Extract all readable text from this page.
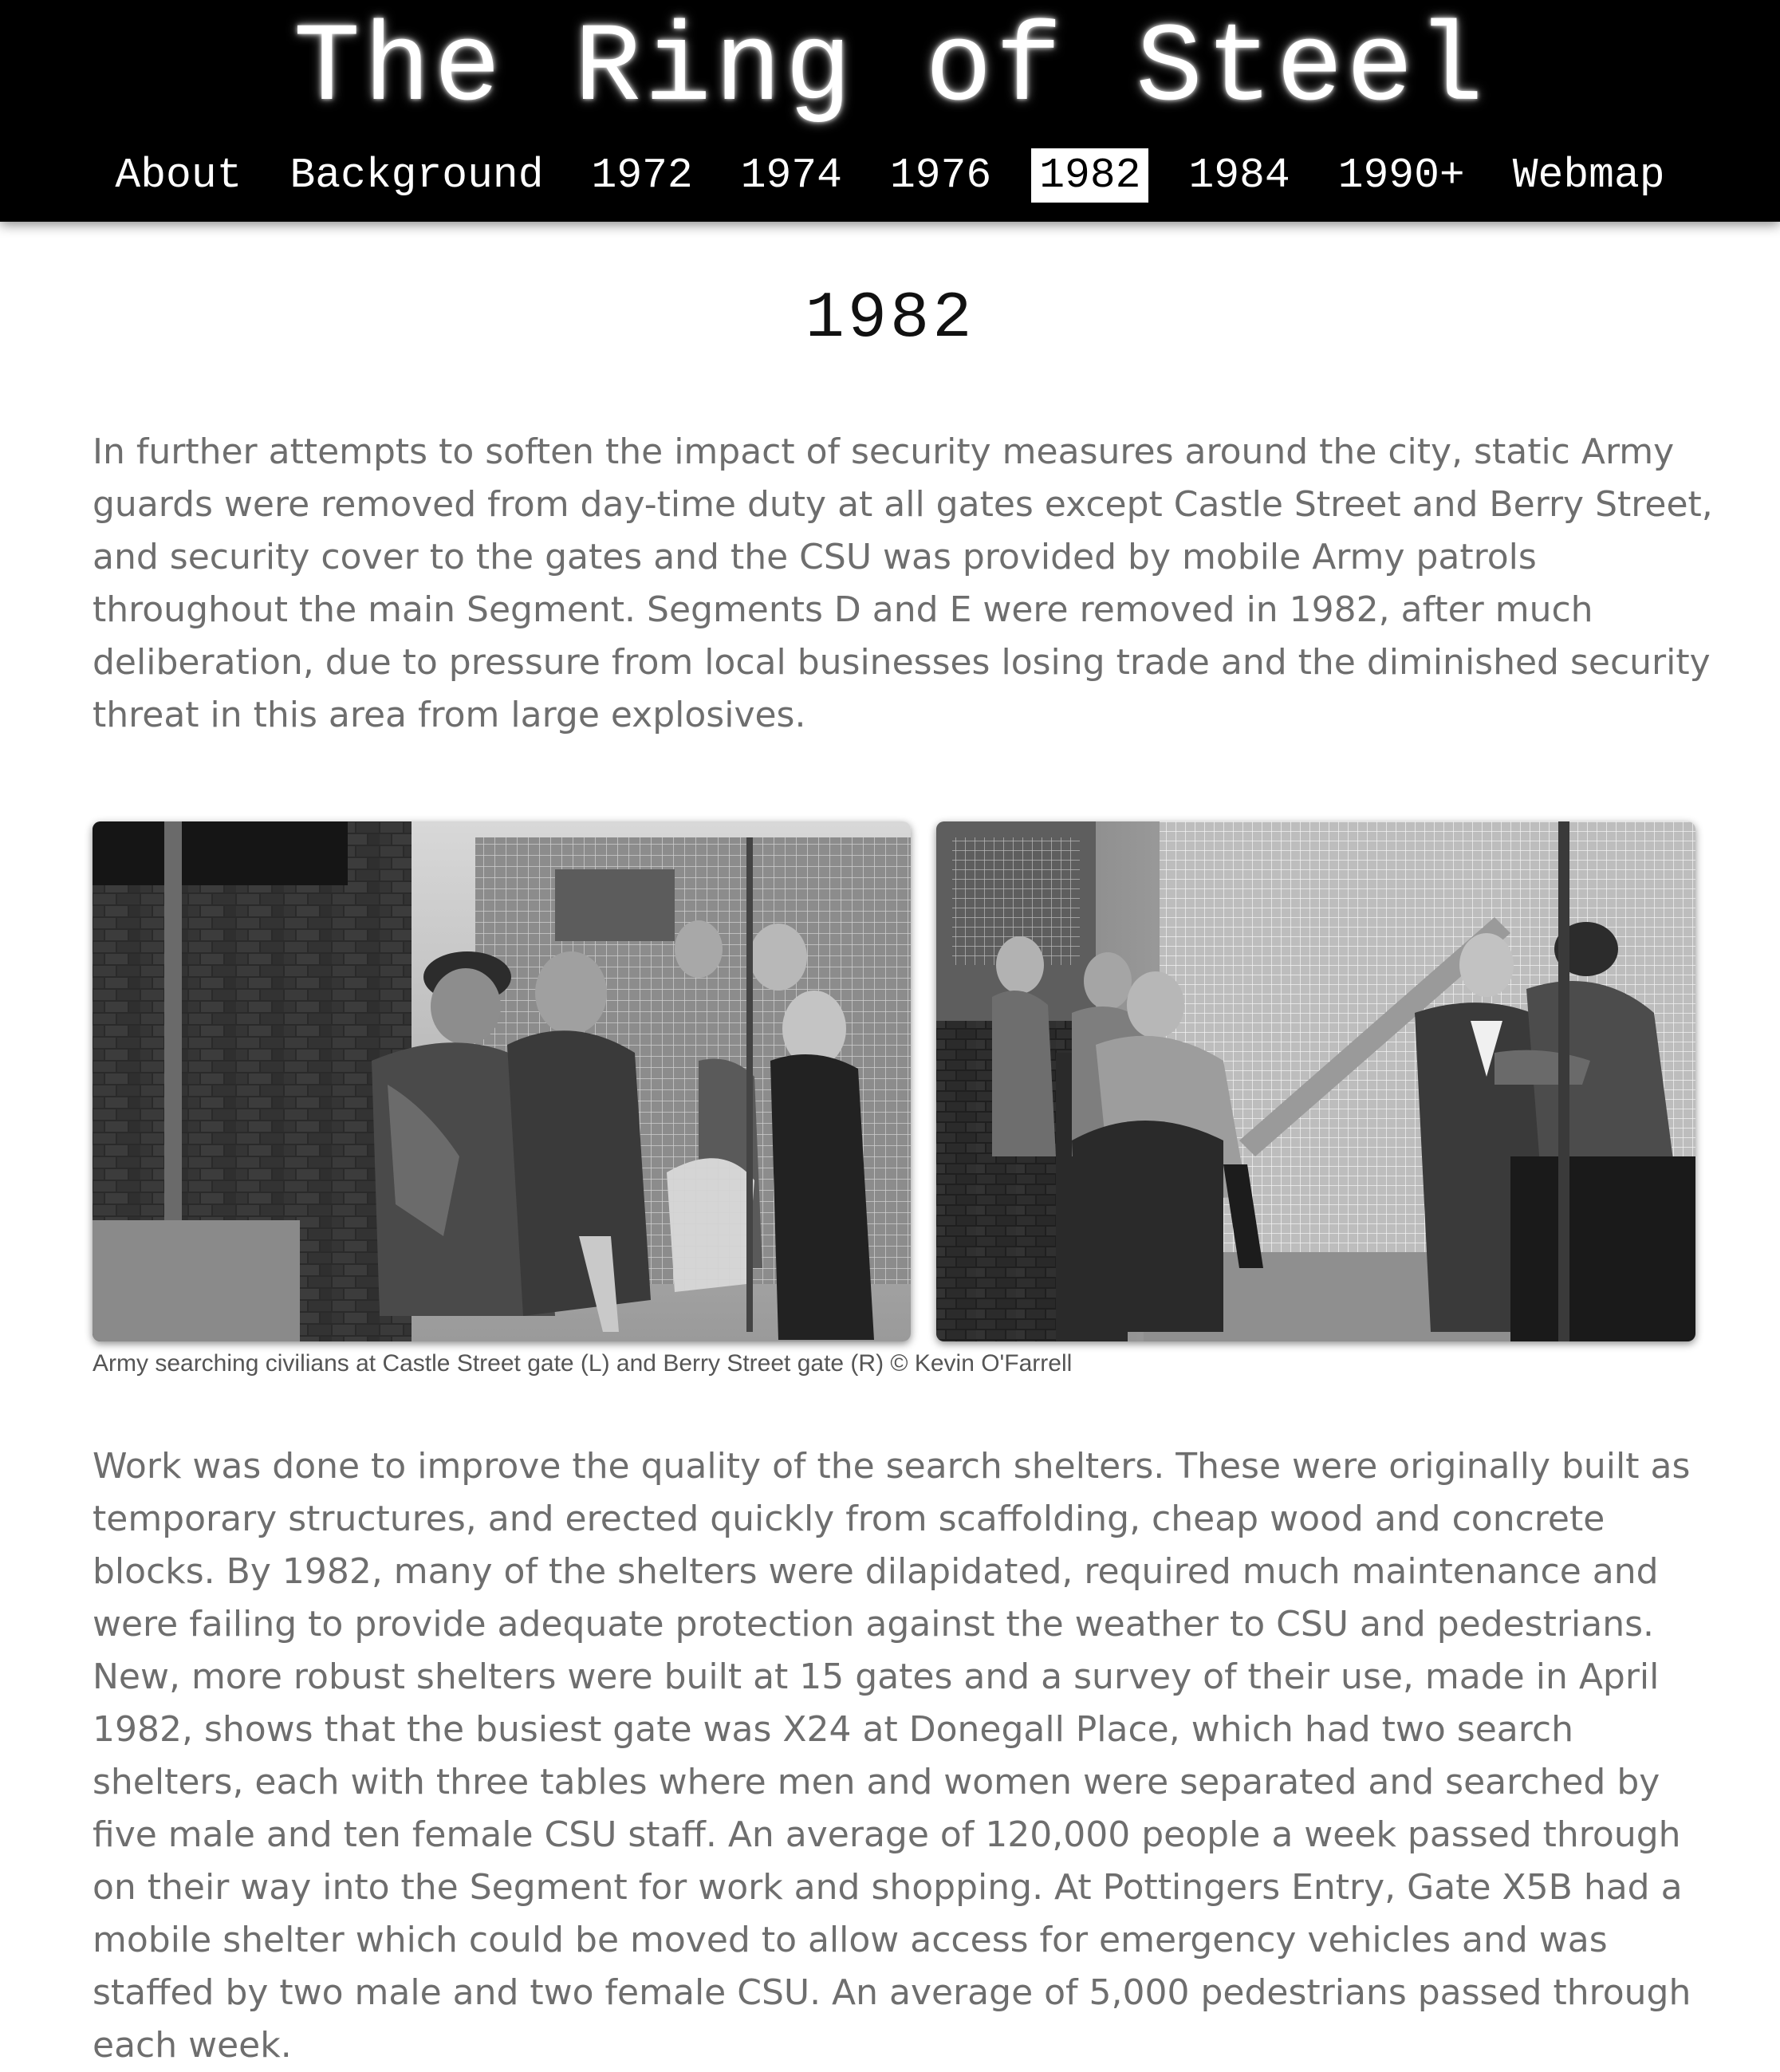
The Ring of Steel
About Background 1972 1974 1976 1982 1984 1990+ Webmap
1982

In further attempts to soften the impact of security measures around the city, static Army guards were removed from day-time duty at all gates except Castle Street and Berry Street, and security cover to the gates and the CSU was provided by mobile Army patrols throughout the main Segment. Segments D and E were removed in 1982, after much deliberation, due to pressure from local businesses losing trade and the diminished security threat in this area from large explosives.

Army searching civilians at Castle Street gate (L) and Berry Street gate (R) © Kevin O'Farrell

Work was done to improve the quality of the search shelters. These were originally built as temporary structures, and erected quickly from scaffolding, cheap wood and concrete blocks. By 1982, many of the shelters were dilapidated, required much maintenance and were failing to provide adequate protection against the weather to CSU and pedestrians. New, more robust shelters were built at 15 gates and a survey of their use, made in April 1982, shows that the busiest gate was X24 at Donegall Place, which had two search shelters, each with three tables where men and women were separated and searched by five male and ten female CSU staff. An average of 120,000 people a week passed through on their way into the Segment for work and shopping. At Pottingers Entry, Gate X5B had a mobile shelter which could be moved to allow access for emergency vehicles and was staffed by two male and two female CSU. An average of 5,000 pedestrians passed through each week.
